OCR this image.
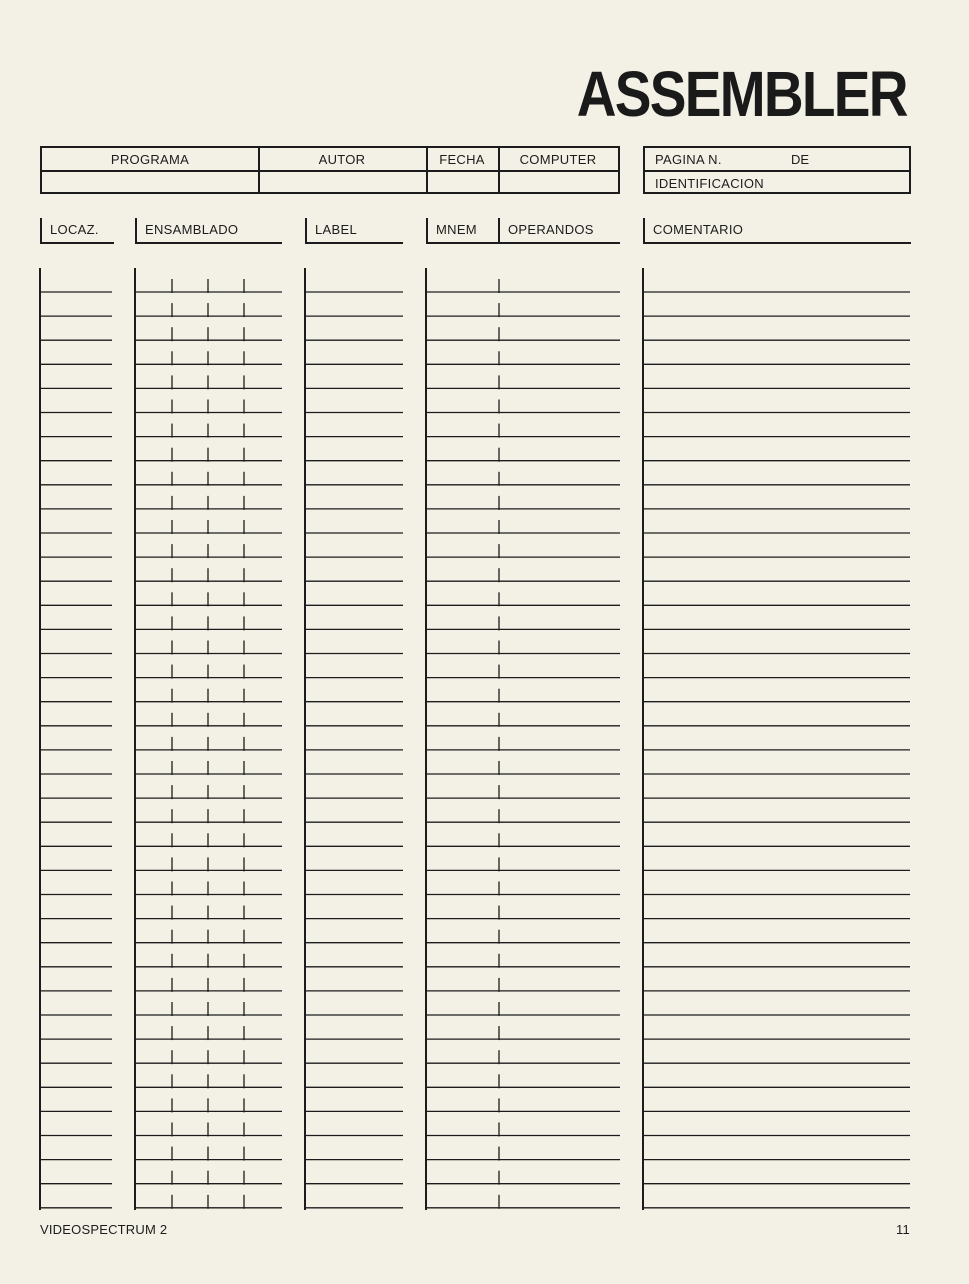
ASSEMBLER
PROGRAMA	AUTOR	FECHA	COMPUTER	PAGINA N.	DE
IDENTIFICACION
LOCAZ.	ENSAMBLADO	LABEL	MNEM	OPERANDOS	COMENTARIO
VIDEOSPECTRUM 2	11
